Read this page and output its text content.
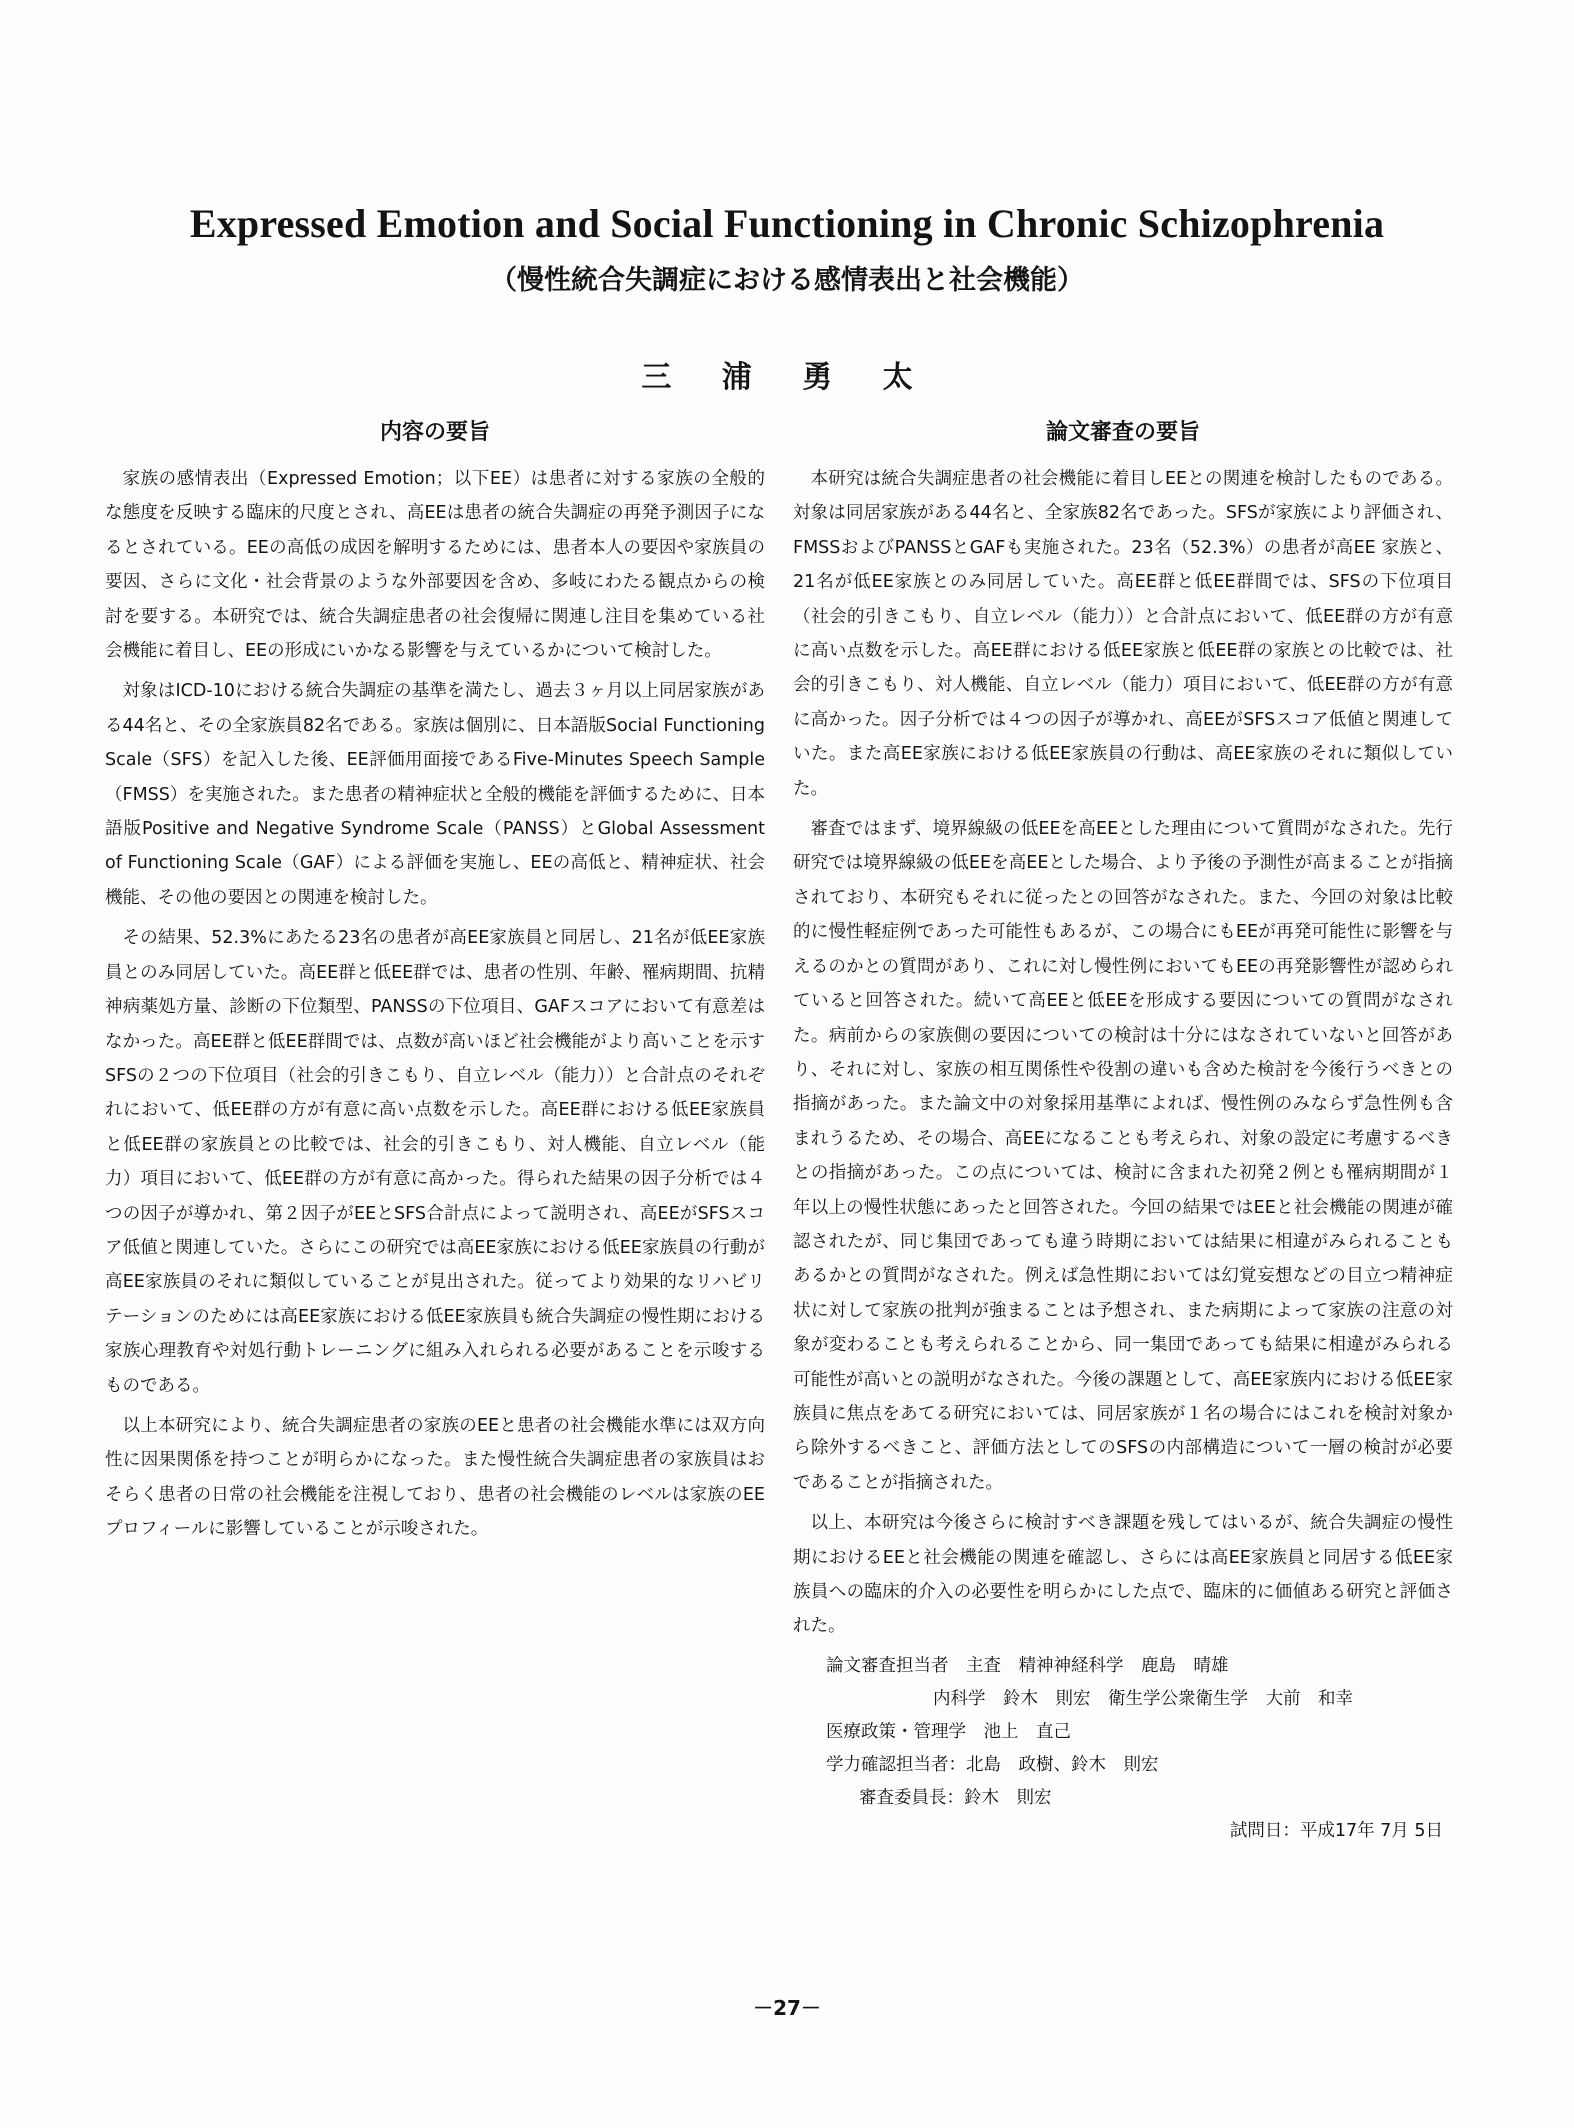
Expressed Emotion and Social Functioning in Chronic Schizophrenia
（慢性統合失調症における感情表出と社会機能）
三 浦 勇 太
内容の要旨	論文審査の要旨

家族の感情表出（Expressed Emotion；以下EE）は患者に対する家族の全般的な態度を反映する臨床的尺度とされ、高EEは患者の統合失調症の再発予測因子になるとされている。EEの高低の成因を解明するためには、患者本人の要因や家族員の要因、さらに文化・社会背景のような外部要因を含め、多岐にわたる観点からの検討を要する。本研究では、統合失調症患者の社会復帰に関連し注目を集めている社会機能に着目し、EEの形成にいかなる影響を与えているかについて検討した。

対象はICD-10における統合失調症の基準を満たし、過去３ヶ月以上同居家族がある44名と、その全家族員82名である。家族は個別に、日本語版Social Functioning Scale（SFS）を記入した後、EE評価用面接であるFive-Minutes Speech Sample（FMSS）を実施された。また患者の精神症状と全般的機能を評価するために、日本語版Positive and Negative Syndrome Scale（PANSS）とGlobal Assessment of Functioning Scale（GAF）による評価を実施し、EEの高低と、精神症状、社会機能、その他の要因との関連を検討した。

その結果、52.3%にあたる23名の患者が高EE家族員と同居し、21名が低EE家族員とのみ同居していた。高EE群と低EE群では、患者の性別、年齢、罹病期間、抗精神病薬処方量、診断の下位類型、PANSSの下位項目、GAFスコアにおいて有意差はなかった。高EE群と低EE群間では、点数が高いほど社会機能がより高いことを示すSFSの２つの下位項目（社会的引きこもり、自立レベル（能力））と合計点のそれぞれにおいて、低EE群の方が有意に高い点数を示した。高EE群における低EE家族員と低EE群の家族員との比較では、社会的引きこもり、対人機能、自立レベル（能力）項目において、低EE群の方が有意に高かった。得られた結果の因子分析では４つの因子が導かれ、第２因子がEEとSFS合計点によって説明され、高EEがSFSスコア低値と関連していた。さらにこの研究では高EE家族における低EE家族員の行動が高EE家族員のそれに類似していることが見出された。従ってより効果的なリハビリテーションのためには高EE家族における低EE家族員も統合失調症の慢性期における家族心理教育や対処行動トレーニングに組み入れられる必要があることを示唆するものである。

以上本研究により、統合失調症患者の家族のEEと患者の社会機能水準には双方向性に因果関係を持つことが明らかになった。また慢性統合失調症患者の家族員はおそらく患者の日常の社会機能を注視しており、患者の社会機能のレベルは家族のEEプロフィールに影響していることが示唆された。

本研究は統合失調症患者の社会機能に着目しEEとの関連を検討したものである。対象は同居家族がある44名と、全家族82名であった。SFSが家族により評価され、FMSSおよびPANSSとGAFも実施された。23名（52.3%）の患者が高EE 家族と、21名が低EE家族とのみ同居していた。高EE群と低EE群間では、SFSの下位項目（社会的引きこもり、自立レベル（能力））と合計点において、低EE群の方が有意に高い点数を示した。高EE群における低EE家族と低EE群の家族との比較では、社会的引きこもり、対人機能、自立レベル（能力）項目において、低EE群の方が有意に高かった。因子分析では４つの因子が導かれ、高EEがSFSスコア低値と関連していた。また高EE家族における低EE家族員の行動は、高EE家族のそれに類似していた。

審査ではまず、境界線級の低EEを高EEとした理由について質問がなされた。先行研究では境界線級の低EEを高EEとした場合、より予後の予測性が高まることが指摘されており、本研究もそれに従ったとの回答がなされた。また、今回の対象は比較的に慢性軽症例であった可能性もあるが、この場合にもEEが再発可能性に影響を与えるのかとの質問があり、これに対し慢性例においてもEEの再発影響性が認められていると回答された。続いて高EEと低EEを形成する要因についての質問がなされた。病前からの家族側の要因についての検討は十分にはなされていないと回答があり、それに対し、家族の相互関係性や役割の違いも含めた検討を今後行うべきとの指摘があった。また論文中の対象採用基準によれば、慢性例のみならず急性例も含まれうるため、その場合、高EEになることも考えられ、対象の設定に考慮するべきとの指摘があった。この点については、検討に含まれた初発２例とも罹病期間が１年以上の慢性状態にあったと回答された。今回の結果ではEEと社会機能の関連が確認されたが、同じ集団であっても違う時期においては結果に相違がみられることもあるかとの質問がなされた。例えば急性期においては幻覚妄想などの目立つ精神症状に対して家族の批判が強まることは予想され、また病期によって家族の注意の対象が変わることも考えられることから、同一集団であっても結果に相違がみられる可能性が高いとの説明がなされた。今後の課題として、高EE家族内における低EE家族員に焦点をあてる研究においては、同居家族が１名の場合にはこれを検討対象から除外するべきこと、評価方法としてのSFSの内部構造について一層の検討が必要であることが指摘された。

以上、本研究は今後さらに検討すべき課題を残してはいるが、統合失調症の慢性期におけるEEと社会機能の関連を確認し、さらには高EE家族員と同居する低EE家族員への臨床的介入の必要性を明らかにした点で、臨床的に価値ある研究と評価された。

論文審査担当者　主査　精神神経科学　鹿島　晴雄
内科学　鈴木　則宏　衛生学公衆衛生学　大前　和幸
医療政策・管理学　池上　直己
学力確認担当者：北島　政樹、鈴木　則宏
審査委員長：鈴木　則宏
試問日：平成17年 7月 5日
－27－
